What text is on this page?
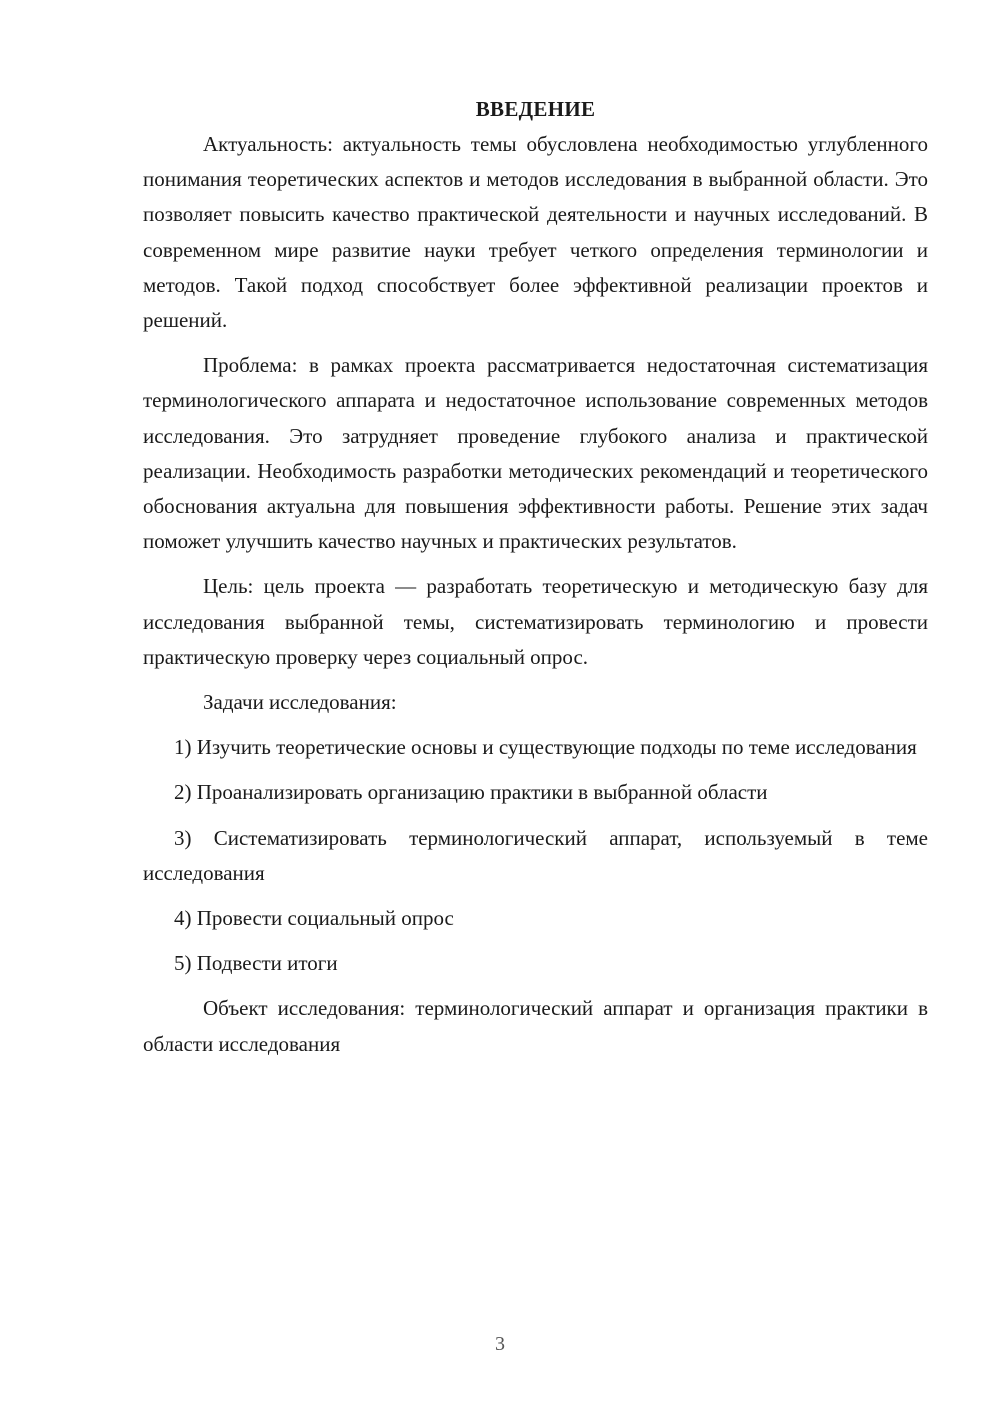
ВВЕДЕНИЕ

Актуальность: актуальность темы обусловлена необходимостью углубленного понимания теоретических аспектов и методов исследования в выбранной области. Это позволяет повысить качество практической деятельности и научных исследований. В современном мире развитие науки требует четкого определения терминологии и методов. Такой подход способствует более эффективной реализации проектов и решений.

Проблема: в рамках проекта рассматривается недостаточная систематизация терминологического аппарата и недостаточное использование современных методов исследования. Это затрудняет проведение глубокого анализа и практической реализации. Необходимость разработки методических рекомендаций и теоретического обоснования актуальна для повышения эффективности работы. Решение этих задач поможет улучшить качество научных и практических результатов.

Цель: цель проекта — разработать теоретическую и методическую базу для исследования выбранной темы, систематизировать терминологию и провести практическую проверку через социальный опрос.

Задачи исследования:

1) Изучить теоретические основы и существующие подходы по теме исследования

2) Проанализировать организацию практики в выбранной области

3) Систематизировать терминологический аппарат, используемый в теме исследования

4) Провести социальный опрос

5) Подвести итоги

Объект исследования: терминологический аппарат и организация практики в области исследования

3
